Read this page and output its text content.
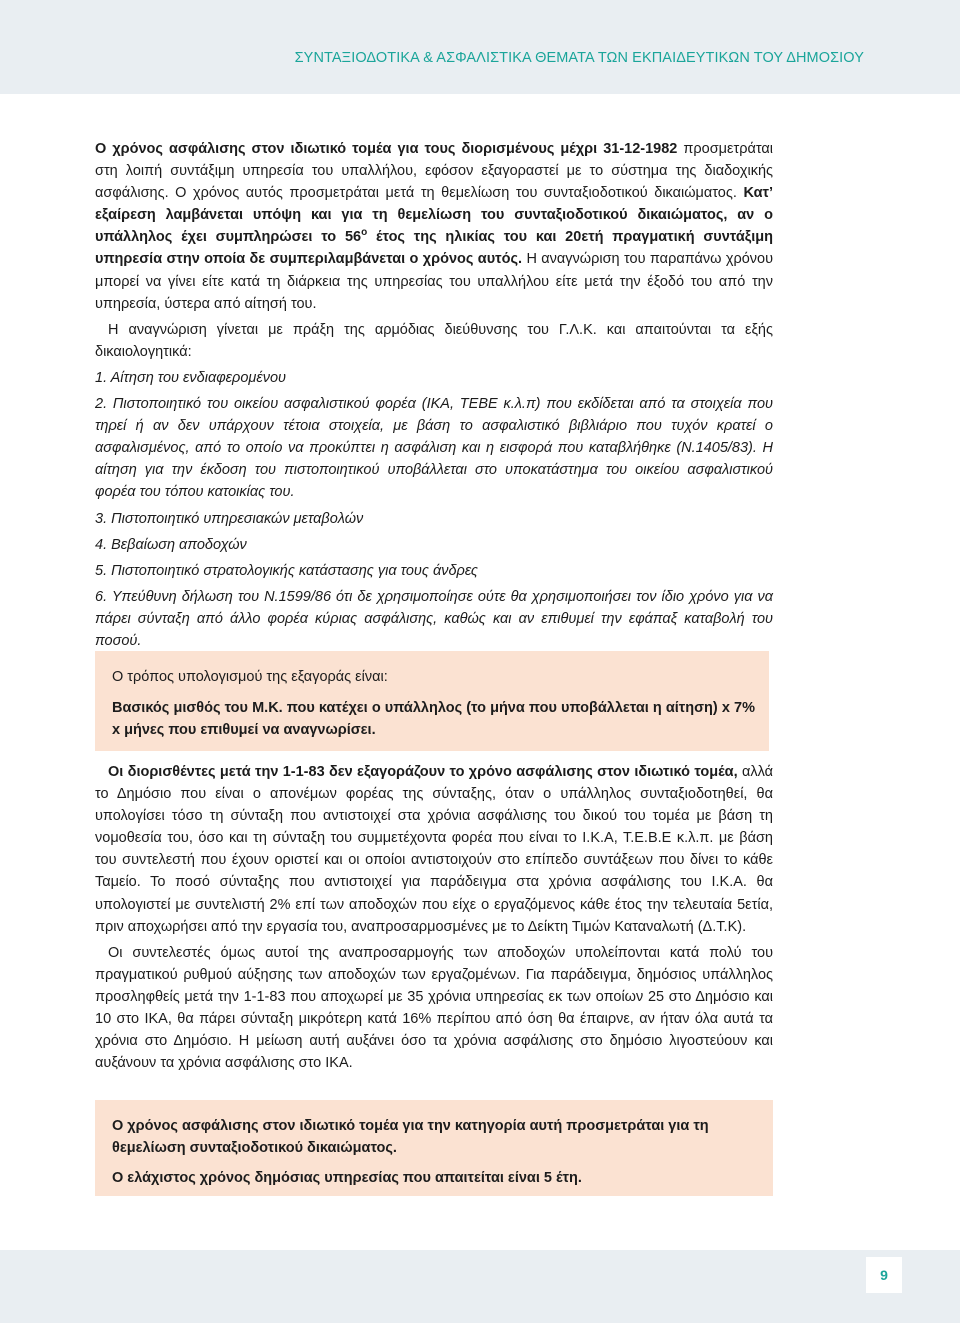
ΣΥΝΤΑΞΙΟΔΟΤΙΚΑ & ΑΣΦΑΛΙΣΤΙΚΑ ΘΕΜΑΤΑ ΤΩΝ ΕΚΠΑΙΔΕΥΤΙΚΩΝ ΤΟΥ ΔΗΜΟΣΙΟΥ

Ο χρόνος ασφάλισης στον ιδιωτικό τομέα για τους διορισμένους μέχρι 31-12-1982 προσμετράται στη λοιπή συντάξιμη υπηρεσία του υπαλλήλου, εφόσον εξαγοραστεί με το σύστημα της διαδοχικής ασφάλισης. Ο χρόνος αυτός προσμετράται μετά τη θεμελίωση του συνταξιοδοτικού δικαιώματος. Κατ’ εξαίρεση λαμβάνεται υπόψη και για τη θεμελίωση του συνταξιοδοτικού δικαιώματος, αν ο υπάλληλος έχει συμπληρώσει το $56^o$ έτος της ηλικίας του και 20ετή πραγματική συντάξιμη υπηρεσία στην οποία δε συμπεριλαμβάνεται ο χρόνος αυτός. Η αναγνώριση του παραπάνω χρόνου μπορεί να γίνει είτε κατά τη διάρκεια της υπηρεσίας του υπαλλήλου είτε μετά την έξοδό του από την υπηρεσία, ύστερα από αίτησή του.

Η αναγνώριση γίνεται με πράξη της αρμόδιας διεύθυνσης του Γ.Λ.Κ. και απαιτούνται τα εξής δικαιολογητικά:

1. Αίτηση του ενδιαφερομένου
2. Πιστοποιητικό του οικείου ασφαλιστικού φορέα (ΙΚΑ, ΤΕΒΕ κ.λ.π) που εκδίδεται από τα στοιχεία που τηρεί ή αν δεν υπάρχουν τέτοια στοιχεία, με βάση το ασφαλιστικό βιβλιάριο που τυχόν κρατεί ο ασφαλισμένος, από το οποίο να προκύπτει η ασφάλιση και η εισφορά που καταβλήθηκε (Ν.1405/83). Η αίτηση για την έκδοση του πιστοποιητικού υποβάλλεται στο υποκατάστημα του οικείου ασφαλιστικού φορέα του τόπου κατοικίας του.
3. Πιστοποιητικό υπηρεσιακών μεταβολών
4. Βεβαίωση αποδοχών
5. Πιστοποιητικό στρατολογικής κατάστασης για τους άνδρες
6. Υπεύθυνη δήλωση του Ν.1599/86 ότι δε χρησιμοποίησε ούτε θα χρησιμοποιήσει τον ίδιο χρόνο για να πάρει σύνταξη από άλλο φορέα κύριας ασφάλισης, καθώς και αν επιθυμεί την εφάπαξ καταβολή του ποσού.

Ο τρόπος υπολογισμού της εξαγοράς είναι:

Βασικός μισθός του Μ.Κ. που κατέχει ο υπάλληλος (το μήνα που υποβάλλεται η αίτηση) x 7% x μήνες που επιθυμεί να αναγνωρίσει.

Οι διορισθέντες μετά την 1-1-83 δεν εξαγοράζουν το χρόνο ασφάλισης στον ιδιωτικό τομέα, αλλά το Δημόσιο που είναι ο απονέμων φορέας της σύνταξης, όταν ο υπάλληλος συνταξιοδοτηθεί, θα υπολογίσει τόσο τη σύνταξη που αντιστοιχεί στα χρόνια ασφάλισης του δικού του τομέα με βάση τη νομοθεσία του, όσο και τη σύνταξη του συμμετέχοντα φορέα που είναι το Ι.Κ.Α, Τ.Ε.Β.Ε κ.λ.π. με βάση του συντελεστή που έχουν οριστεί και οι οποίοι αντιστοιχούν στο επίπεδο συντάξεων που δίνει το κάθε Ταμείο. Το ποσό σύνταξης που αντιστοιχεί για παράδειγμα στα χρόνια ασφάλισης του Ι.Κ.Α. θα υπολογιστεί με συντελιστή 2% επί των αποδοχών που είχε ο εργαζόμενος κάθε έτος την τελευταία 5ετία, πριν αποχωρήσει από την εργασία του, αναπροσαρμοσμένες με το Δείκτη Τιμών Καταναλωτή (Δ.Τ.Κ).

Οι συντελεστές όμως αυτοί της αναπροσαρμογής των αποδοχών υπολείπονται κατά πολύ του πραγματικού ρυθμού αύξησης των αποδοχών των εργαζομένων. Για παράδειγμα, δημόσιος υπάλληλος προσληφθείς μετά την 1-1-83 που αποχωρεί με 35 χρόνια υπηρεσίας εκ των οποίων 25 στο Δημόσιο και 10 στο ΙΚΑ, θα πάρει σύνταξη μικρότερη κατά 16% περίπου από όση θα έπαιρνε, αν ήταν όλα αυτά τα χρόνια στο Δημόσιο. Η μείωση αυτή αυξάνει όσο τα χρόνια ασφάλισης στο δημόσιο λιγοστεύουν και αυξάνουν τα χρόνια ασφάλισης στο ΙΚΑ.

Ο χρόνος ασφάλισης στον ιδιωτικό τομέα για την κατηγορία αυτή προσμετράται για τη θεμελίωση συνταξιοδοτικού δικαιώματος.

Ο ελάχιστος χρόνος δημόσιας υπηρεσίας που απαιτείται είναι 5 έτη.

9
